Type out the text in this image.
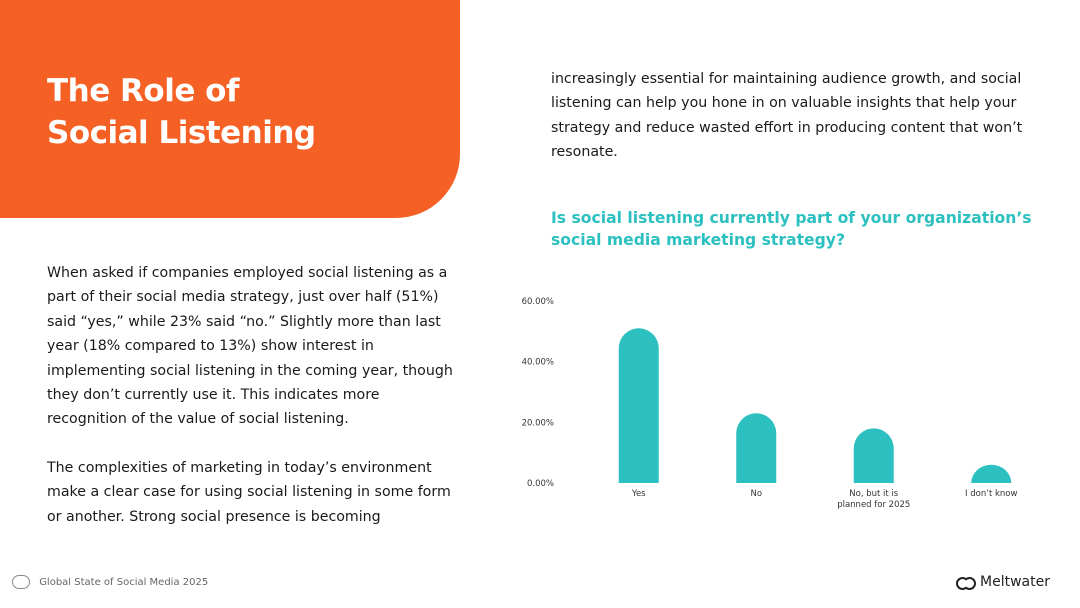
The Role of
Social Listening

When asked if companies employed social listening as a part of their social media strategy, just over half (51%) said “yes,” while 23% said “no.” Slightly more than last year (18% compared to 13%) show interest in implementing social listening in the coming year, though they don’t currently use it. This indicates more recognition of the value of social listening.

The complexities of marketing in today’s environment make a clear case for using social listening in some form or another. Strong social presence is becoming

increasingly essential for maintaining audience growth, and social listening can help you hone in on valuable insights that help your strategy and reduce wasted effort in producing content that won’t resonate.

Is social listening currently part of your organization’s social media marketing strategy?
0.00%
20.00%
40.00%
60.00%
Yes	No	No, but it is
planned for 2025
I don’t know
Global State of Social Media 2025	Meltwater
